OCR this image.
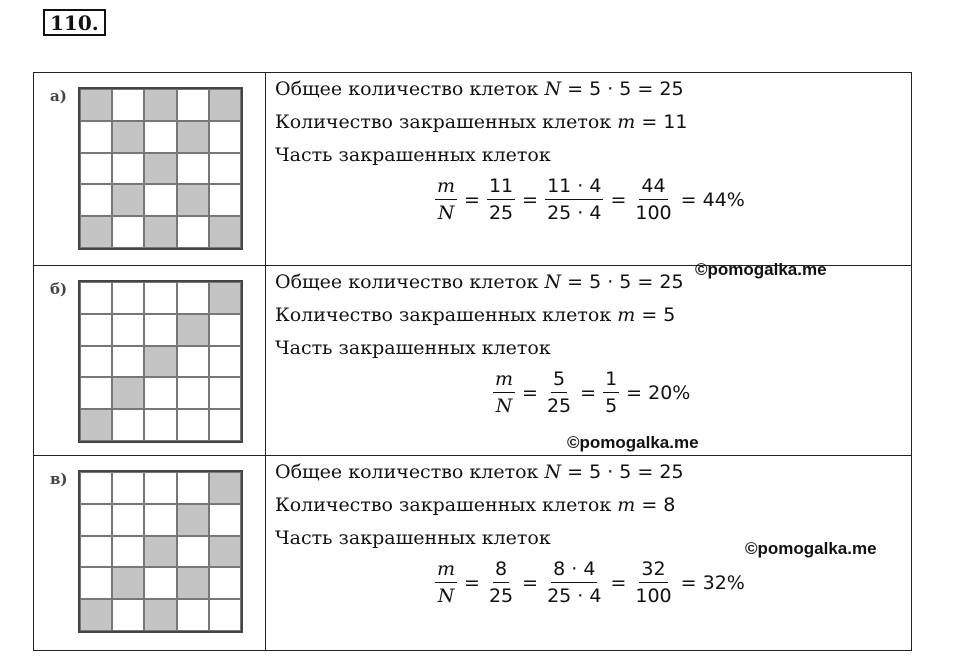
110.
а)	Общее количество клеток N = 5 · 5 = 25
Количество закрашенных клеток m = 11
Часть закрашенных клеток
$\frac{m}{N} = \frac{11}{25} = \frac{11 \cdot 4}{25 \cdot 4} = \frac{44}{100} = 44\%$
б)	Общее количество клеток N = 5 · 5 = 25
Количество закрашенных клеток m = 5
Часть закрашенных клеток
$\frac{m}{N} = \frac{5}{25} = \frac{1}{5} = 20\%$
в)	Общее количество клеток N = 5 · 5 = 25
Количество закрашенных клеток m = 8
Часть закрашенных клеток
$\frac{m}{N} = \frac{8}{25} = \frac{8 \cdot 4}{25 \cdot 4} = \frac{32}{100} = 32\%$
©pomogalka.me
©pomogalka.me
©pomogalka.me
